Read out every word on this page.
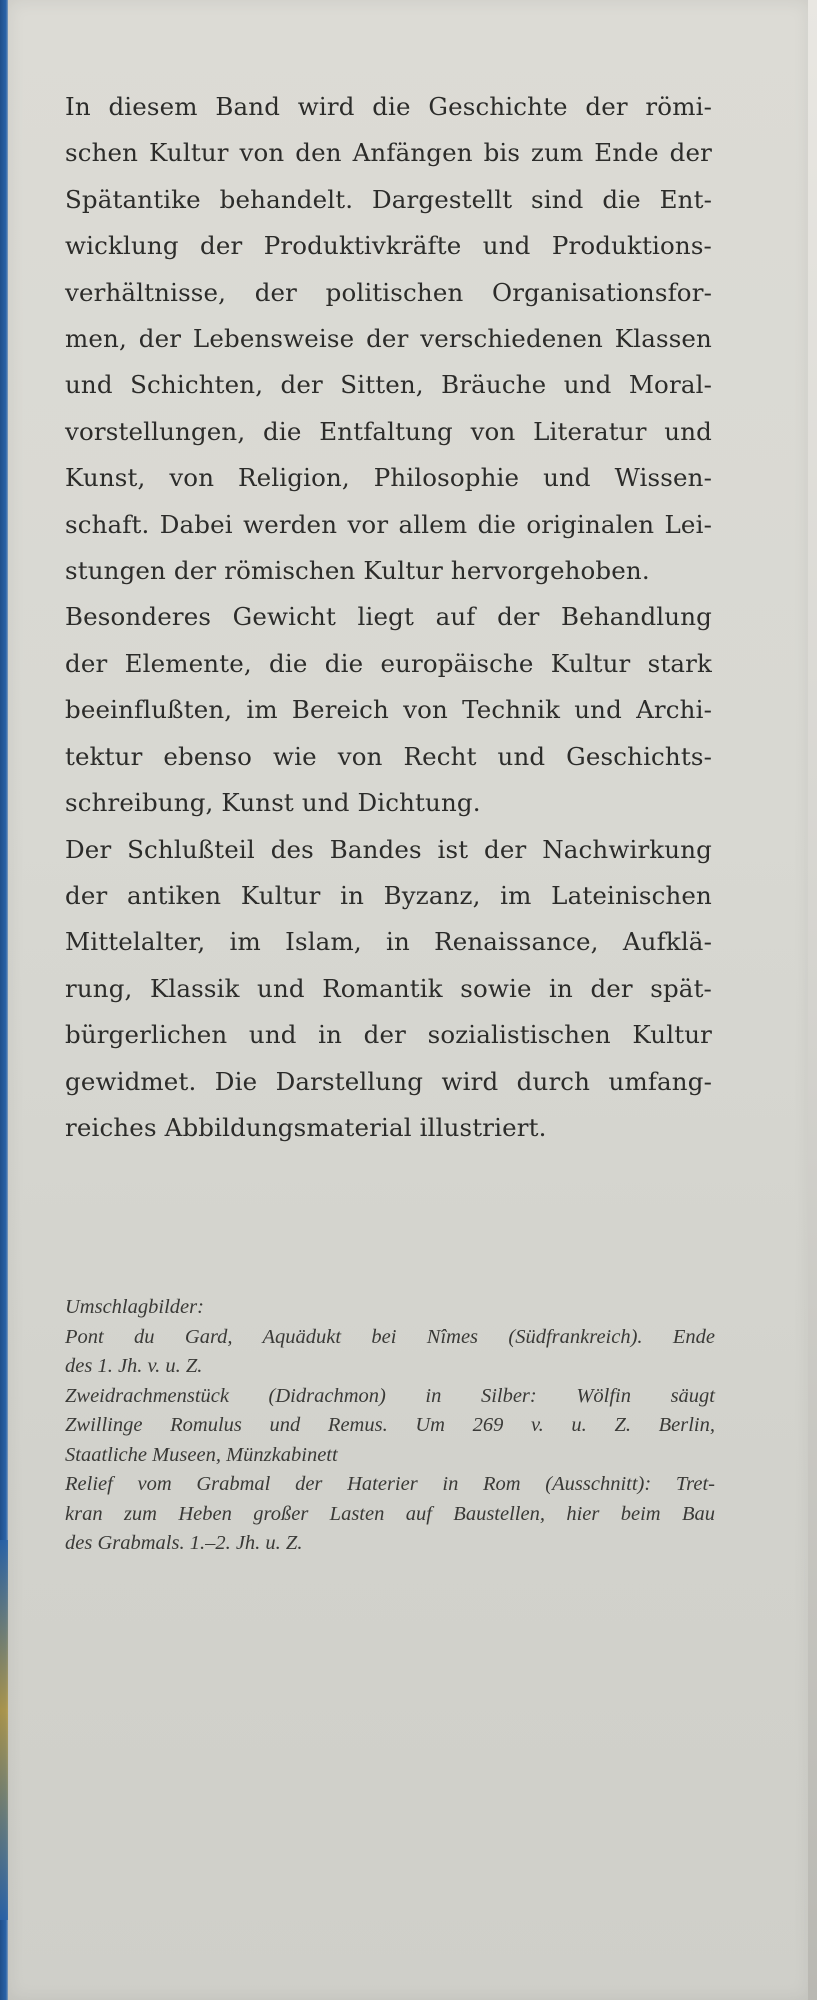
In diesem Band wird die Geschichte der römi-
schen Kultur von den Anfängen bis zum Ende der
Spätantike behandelt. Dargestellt sind die Ent-
wicklung der Produktivkräfte und Produktions-
verhältnisse, der politischen Organisationsfor-
men, der Lebensweise der verschiedenen Klassen
und Schichten, der Sitten, Bräuche und Moral-
vorstellungen, die Entfaltung von Literatur und
Kunst, von Religion, Philosophie und Wissen-
schaft. Dabei werden vor allem die originalen Lei-
stungen der römischen Kultur hervorgehoben.
Besonderes Gewicht liegt auf der Behandlung
der Elemente, die die europäische Kultur stark
beeinflußten, im Bereich von Technik und Archi-
tektur ebenso wie von Recht und Geschichts-
schreibung, Kunst und Dichtung.
Der Schlußteil des Bandes ist der Nachwirkung
der antiken Kultur in Byzanz, im Lateinischen
Mittelalter, im Islam, in Renaissance, Aufklä-
rung, Klassik und Romantik sowie in der spät-
bürgerlichen und in der sozialistischen Kultur
gewidmet. Die Darstellung wird durch umfang-
reiches Abbildungsmaterial illustriert.
Umschlagbilder:
Pont du Gard, Aquädukt bei Nîmes (Südfrankreich). Ende
des 1. Jh. v. u. Z.
Zweidrachmenstück (Didrachmon) in Silber: Wölfin säugt
Zwillinge Romulus und Remus. Um 269 v. u. Z. Berlin,
Staatliche Museen, Münzkabinett
Relief vom Grabmal der Haterier in Rom (Ausschnitt): Tret-
kran zum Heben großer Lasten auf Baustellen, hier beim Bau
des Grabmals. 1.–2. Jh. u. Z.
